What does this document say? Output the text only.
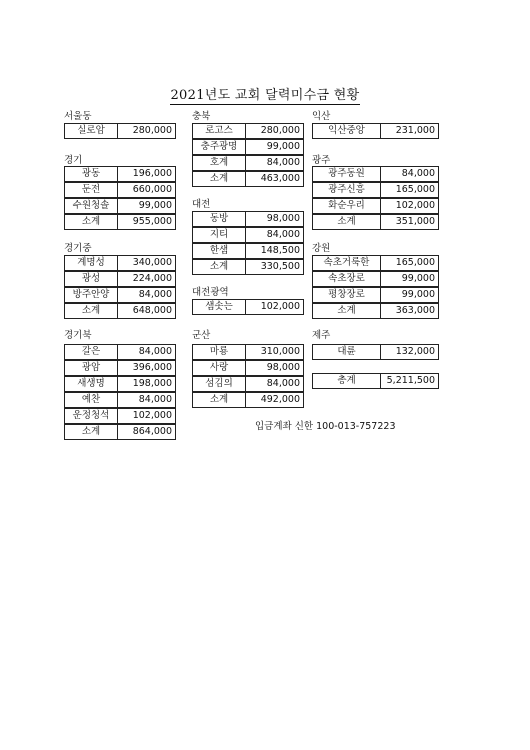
2021년도 교회 달력미수금 현황
서울동
실로암	280,000
경기
광동	196,000
둔전	660,000
수원청솔	99,000
소계	955,000
경기중
계명성	340,000
광성	224,000
방주안양	84,000
소계	648,000
경기북
갈은	84,000
광암	396,000
새생명	198,000
예찬	84,000
운정청석	102,000
소계	864,000
충북
로고스	280,000
충주광명	99,000
호계	84,000
소계	463,000
대전
동방	98,000
지티	84,000
한샘	148,500
소계	330,500
대전광역
샘솟는	102,000
군산
마룡	310,000
사랑	98,000
섬김의	84,000
소계	492,000
익산
익산중앙	231,000
광주
광주동원	84,000
광주신흥	165,000
화순우리	102,000
소계	351,000
강원
속초거룩한	165,000
속초장로	99,000
평창장로	99,000
소계	363,000
제주
대륜	132,000
총계	5,211,500
입금계좌 신한 100-013-757223
